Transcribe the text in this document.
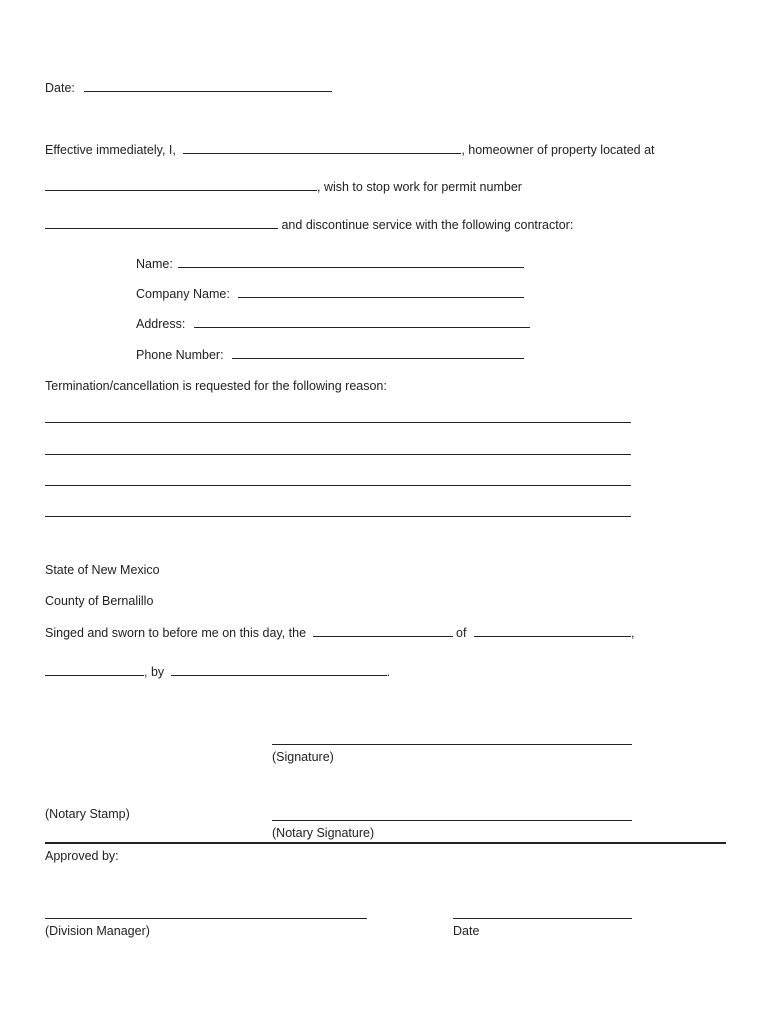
Date:
Effective immediately, I,	, homeowner of property located at
, wish to stop work for permit number
and discontinue service with the following contractor:
Name:
Company Name:
Address:
Phone Number:
Termination/cancellation is requested for the following reason:
State of New Mexico
County of Bernalillo
Singed and sworn to before me on this day, the	of	,
, by	.
(Signature)
(Notary Stamp)
(Notary Signature)
Approved by:
(Division Manager)	Date
